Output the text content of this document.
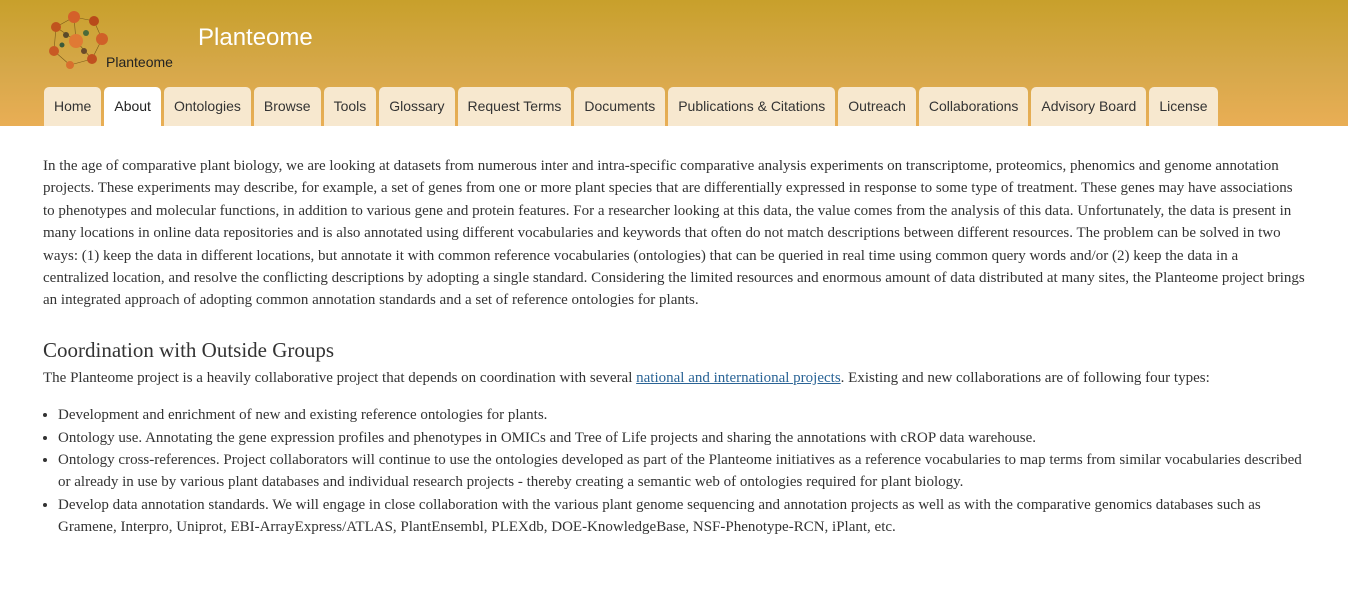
Planteome
Planteome
Home	About	Ontologies	Browse	Tools	Glossary	Request Terms	Documents	Publications & Citations	Outreach	Collaborations	Advisory Board	License

In the age of comparative plant biology, we are looking at datasets from numerous inter and intra-specific comparative analysis experiments on transcriptome, proteomics, phenomics and genome annotation projects. These experiments may describe, for example, a set of genes from one or more plant species that are differentially expressed in response to some type of treatment. These genes may have associations to phenotypes and molecular functions, in addition to various gene and protein features. For a researcher looking at this data, the value comes from the analysis of this data. Unfortunately, the data is present in many locations in online data repositories and is also annotated using different vocabularies and keywords that often do not match descriptions between different resources. The problem can be solved in two ways: (1) keep the data in different locations, but annotate it with common reference vocabularies (ontologies) that can be queried in real time using common query words and/or (2) keep the data in a centralized location, and resolve the conflicting descriptions by adopting a single standard. Considering the limited resources and enormous amount of data distributed at many sites, the Planteome project brings an integrated approach of adopting common annotation standards and a set of reference ontologies for plants.

Coordination with Outside Groups

The Planteome project is a heavily collaborative project that depends on coordination with several national and international projects. Existing and new collaborations are of following four types:

• Development and enrichment of new and existing reference ontologies for plants.
• Ontology use. Annotating the gene expression profiles and phenotypes in OMICs and Tree of Life projects and sharing the annotations with cROP data warehouse.
• Ontology cross-references. Project collaborators will continue to use the ontologies developed as part of the Planteome initiatives as a reference vocabularies to map terms from similar vocabularies described or already in use by various plant databases and individual research projects - thereby creating a semantic web of ontologies required for plant biology.
• Develop data annotation standards. We will engage in close collaboration with the various plant genome sequencing and annotation projects as well as with the comparative genomics databases such as Gramene, Interpro, Uniprot, EBI-ArrayExpress/ATLAS, PlantEnsembl, PLEXdb, DOE-KnowledgeBase, NSF-Phenotype-RCN, iPlant, etc.
